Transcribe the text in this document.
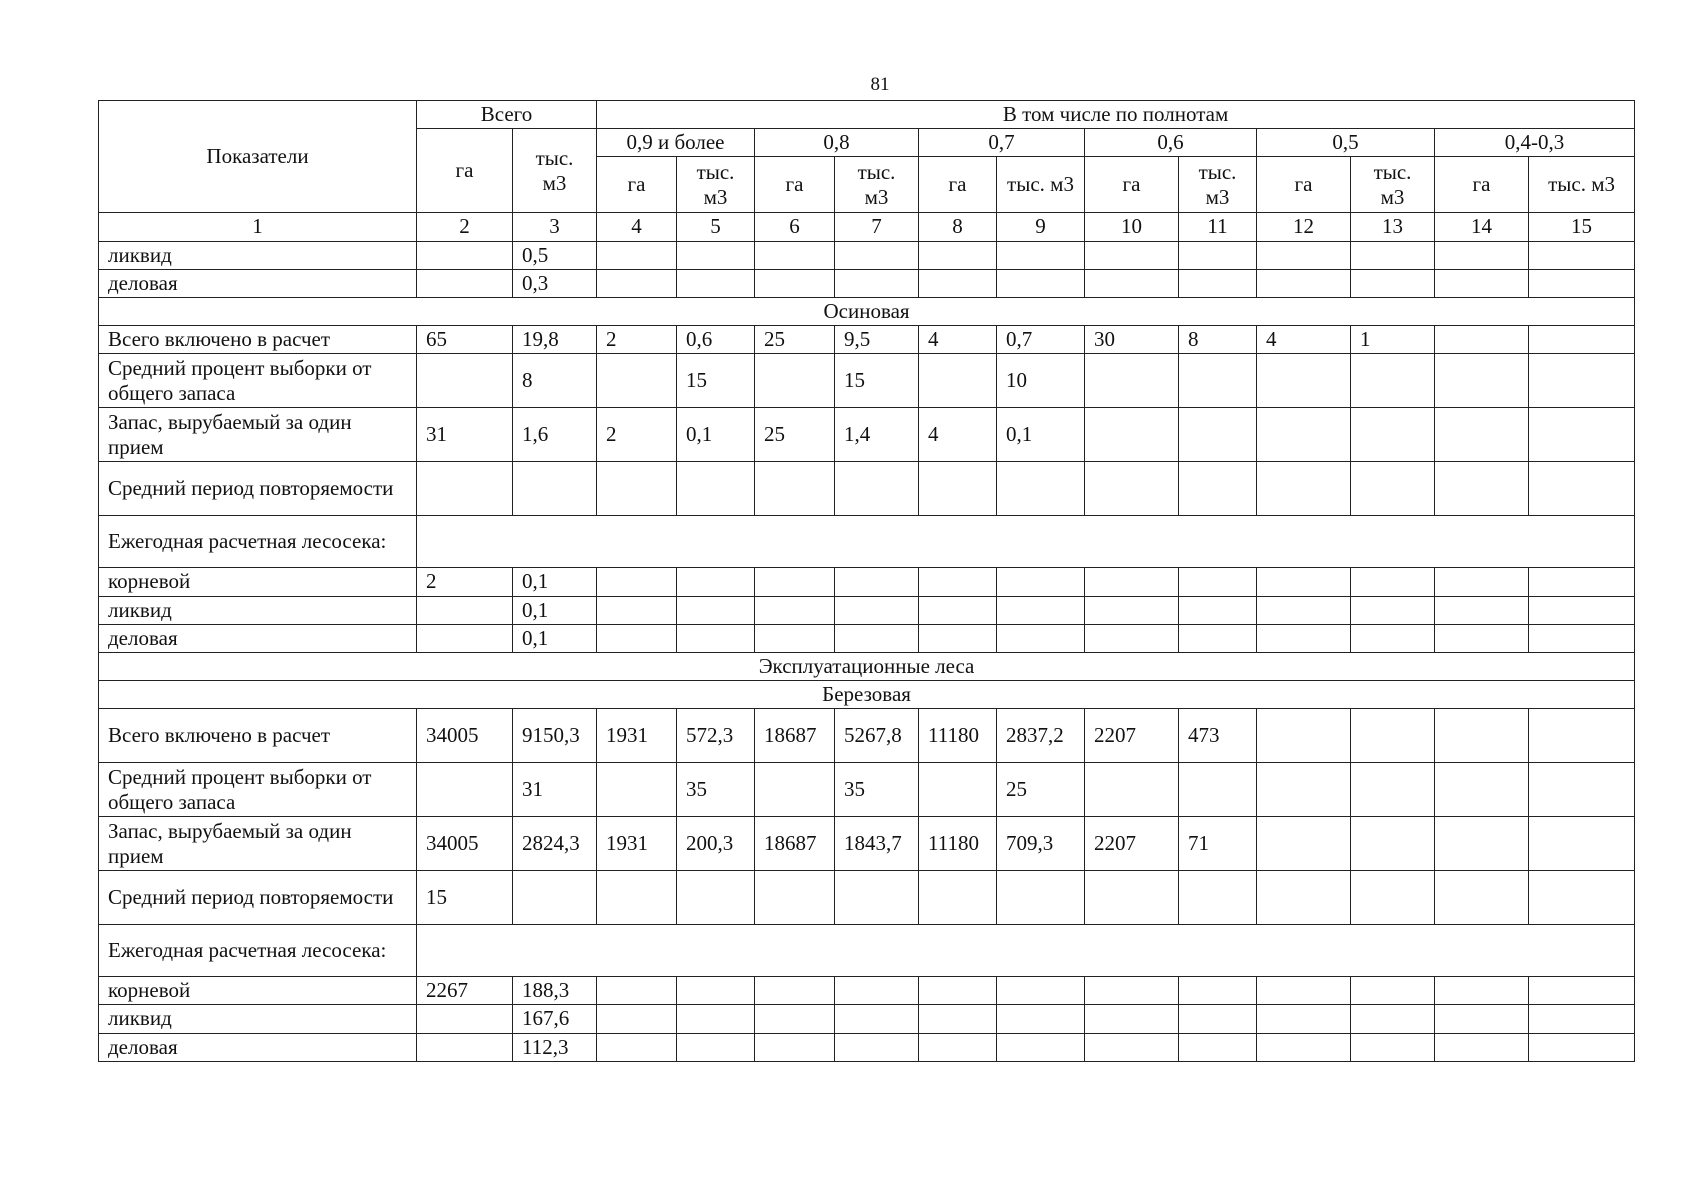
81
Показатели	Всего		В том числе по полнотам											
	га	тыс. м3	0,9 и более		0,8		0,7		0,6		0,5		0,4-0,3	
			га	тыс. м3	га	тыс. м3	га	тыс. м3	га	тыс. м3	га	тыс. м3	га	тыс. м3
1	2	3	4	5	6	7	8	9	10	11	12	13	14	15
ликвид		0,5												
деловая		0,3												
Осиновая														
Всего включено в расчет	65	19,8	2	0,6	25	9,5	4	0,7	30	8	4	1		
Средний процент выборки от общего запаса		8		15		15		10						
Запас, вырубаемый за один прием	31	1,6	2	0,1	25	1,4	4	0,1						
Средний период повторяемости														
Ежегодная расчетная лесосека:														
корневой	2	0,1												
ликвид		0,1												
деловая		0,1												
Эксплуатационные леса														
Березовая														
Всего включено в расчет	34005	9150,3	1931	572,3	18687	5267,8	11180	2837,2	2207	473				
Средний процент выборки от общего запаса		31		35		35		25						
Запас, вырубаемый за один прием	34005	2824,3	1931	200,3	18687	1843,7	11180	709,3	2207	71				
Средний период повторяемости	15													
Ежегодная расчетная лесосека:														
корневой	2267	188,3												
ликвид		167,6												
деловая		112,3												
